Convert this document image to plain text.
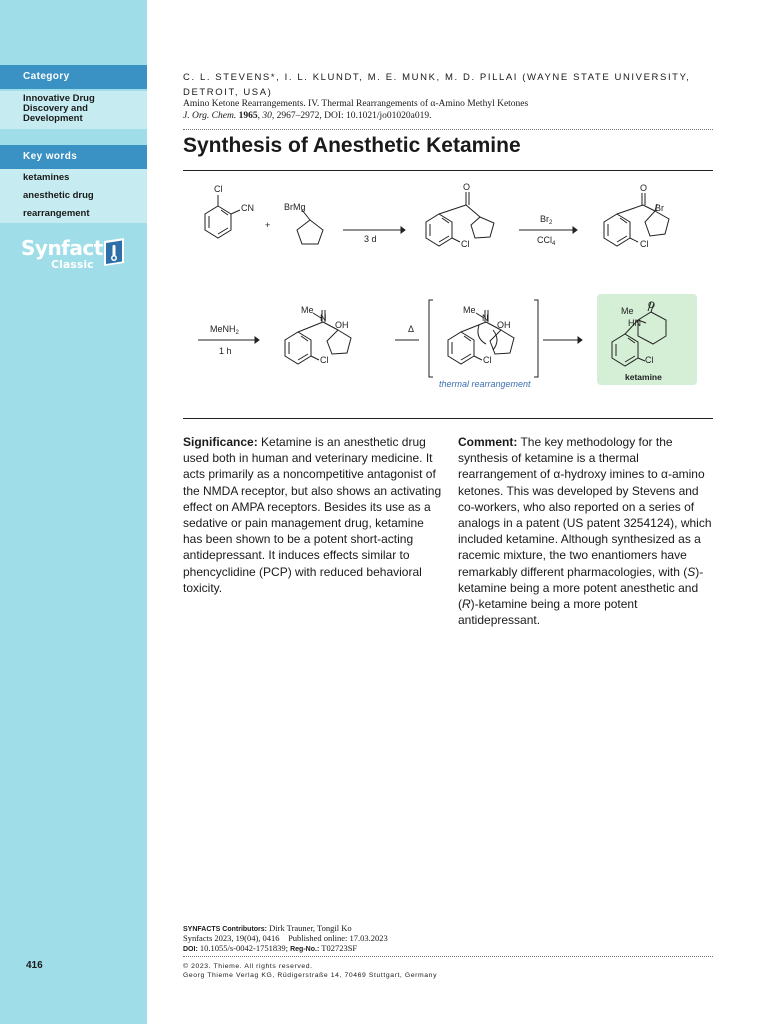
Category
Innovative Drug
Discovery and
Development
Key words
ketamines
anesthetic drug
rearrangement
Synfact
Classic
416
C. L. STEVENS*, I. L. KLUNDT, M. E. MUNK, M. D. PILLAI (WAYNE STATE UNIVERSITY, DETROIT, USA)
Amino Ketone Rearrangements. IV. Thermal Rearrangements of α-Amino Methyl Ketones
J. Org. Chem. 1965, 30, 2967–2972, DOI: 10.1021/jo01020a019.
Synthesis of Anesthetic Ketamine
Cl
CN
+
BrMg
3 d
O
Cl
$Br_2$
CCl$_4$
O
Br
Cl
MeNH$_2$
1 h
Me
N
OH
Cl
Δ
Me
N
OH
Cl
thermal rearrangement
Me
HN
O
Cl
ketamine
Significance: Ketamine is an anesthetic drug used both in human and veterinary medicine. It acts primarily as a noncompetitive antagonist of the NMDA receptor, but also shows an activating effect on AMPA receptors. Besides its use as a sedative or pain management drug, ketamine has been shown to be a potent short-acting antidepressant. It induces effects similar to phencyclidine (PCP) with reduced behavioral toxicity.
Comment: The key methodology for the synthesis of ketamine is a thermal rearrangement of α-hydroxy imines to α-amino ketones. This was developed by Stevens and co-workers, who also reported on a series of analogs in a patent (US patent 3254124), which included ketamine. Although synthesized as a racemic mixture, the two enantiomers have remarkably different pharmacologies, with (S)-ketamine being a more potent anesthetic and (R)-ketamine being a more potent antidepressant.
SYNFACTS Contributors: Dirk Trauner, Tongil Ko
Synfacts 2023, 19(04), 0416 Published online: 17.03.2023
DOI: 10.1055/s-0042-1751839; Reg-No.: T02723SF
© 2023. Thieme. All rights reserved.
Georg Thieme Verlag KG, Rüdigerstraße 14, 70469 Stuttgart, Germany
